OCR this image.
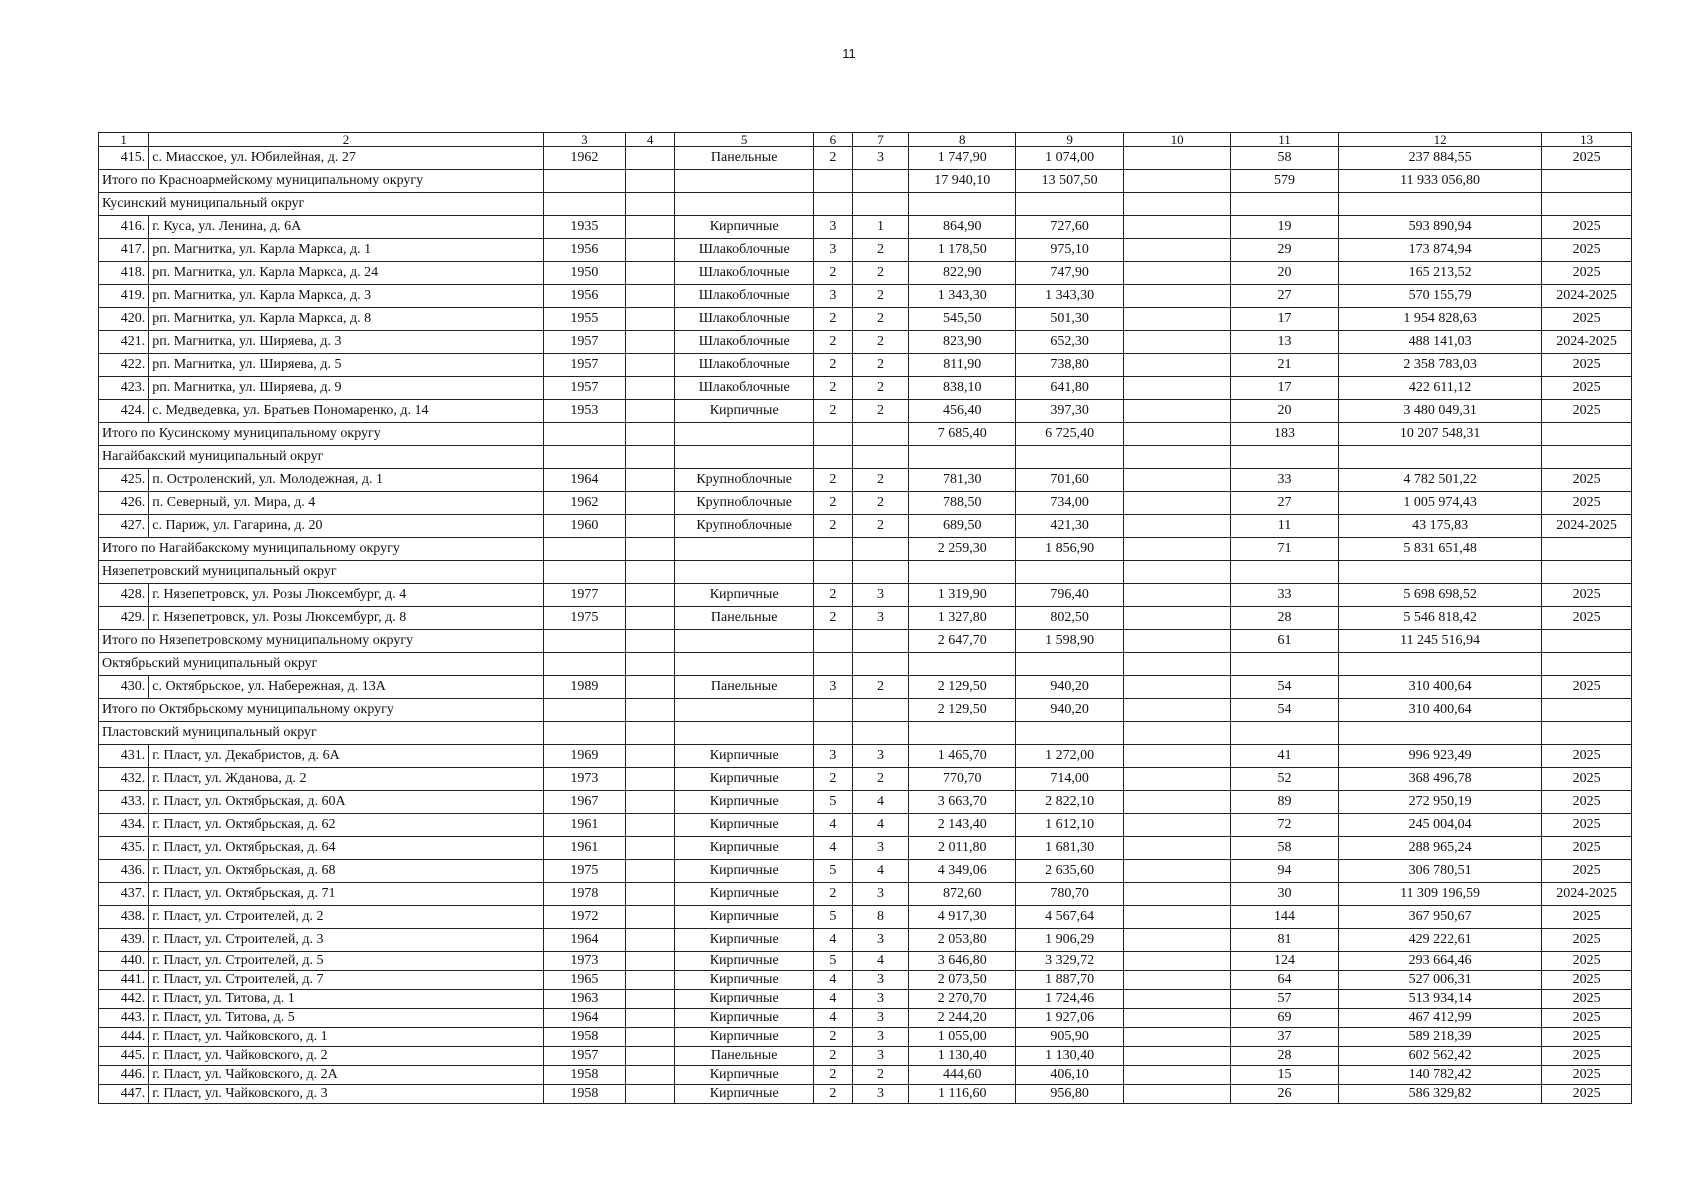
11
1	2	3	4	5	6	7	8	9	10	11	12	13
415.	с. Миасское, ул. Юбилейная, д. 27	1962		Панельные	2	3	1 747,90	1 074,00		58	237 884,55	2025
Итого по Красноармейскому муниципальному округу							17 940,10	13 507,50		579	11 933 056,80	
Кусинский муниципальный округ												
416.	г. Куса, ул. Ленина, д. 6А	1935		Кирпичные	3	1	864,90	727,60		19	593 890,94	2025
417.	рп. Магнитка, ул. Карла Маркса, д. 1	1956		Шлакоблочные	3	2	1 178,50	975,10		29	173 874,94	2025
418.	рп. Магнитка, ул. Карла Маркса, д. 24	1950		Шлакоблочные	2	2	822,90	747,90		20	165 213,52	2025
419.	рп. Магнитка, ул. Карла Маркса, д. 3	1956		Шлакоблочные	3	2	1 343,30	1 343,30		27	570 155,79	2024-2025
420.	рп. Магнитка, ул. Карла Маркса, д. 8	1955		Шлакоблочные	2	2	545,50	501,30		17	1 954 828,63	2025
421.	рп. Магнитка, ул. Ширяева, д. 3	1957		Шлакоблочные	2	2	823,90	652,30		13	488 141,03	2024-2025
422.	рп. Магнитка, ул. Ширяева, д. 5	1957		Шлакоблочные	2	2	811,90	738,80		21	2 358 783,03	2025
423.	рп. Магнитка, ул. Ширяева, д. 9	1957		Шлакоблочные	2	2	838,10	641,80		17	422 611,12	2025
424.	с. Медведевка, ул. Братьев Пономаренко, д. 14	1953		Кирпичные	2	2	456,40	397,30		20	3 480 049,31	2025
Итого по Кусинскому муниципальному округу							7 685,40	6 725,40		183	10 207 548,31	
Нагайбакский муниципальный округ												
425.	п. Остроленский, ул. Молодежная, д. 1	1964		Крупноблочные	2	2	781,30	701,60		33	4 782 501,22	2025
426.	п. Северный, ул. Мира, д. 4	1962		Крупноблочные	2	2	788,50	734,00		27	1 005 974,43	2025
427.	с. Париж, ул. Гагарина, д. 20	1960		Крупноблочные	2	2	689,50	421,30		11	43 175,83	2024-2025
Итого по Нагайбакскому муниципальному округу							2 259,30	1 856,90		71	5 831 651,48	
Нязепетровский муниципальный округ												
428.	г. Нязепетровск, ул. Розы Люксембург, д. 4	1977		Кирпичные	2	3	1 319,90	796,40		33	5 698 698,52	2025
429.	г. Нязепетровск, ул. Розы Люксембург, д. 8	1975		Панельные	2	3	1 327,80	802,50		28	5 546 818,42	2025
Итого по Нязепетровскому муниципальному округу							2 647,70	1 598,90		61	11 245 516,94	
Октябрьский муниципальный округ												
430.	с. Октябрьское, ул. Набережная, д. 13А	1989		Панельные	3	2	2 129,50	940,20		54	310 400,64	2025
Итого по Октябрьскому муниципальному округу							2 129,50	940,20		54	310 400,64	
Пластовский муниципальный округ												
431.	г. Пласт, ул. Декабристов, д. 6А	1969		Кирпичные	3	3	1 465,70	1 272,00		41	996 923,49	2025
432.	г. Пласт, ул. Жданова, д. 2	1973		Кирпичные	2	2	770,70	714,00		52	368 496,78	2025
433.	г. Пласт, ул. Октябрьская, д. 60А	1967		Кирпичные	5	4	3 663,70	2 822,10		89	272 950,19	2025
434.	г. Пласт, ул. Октябрьская, д. 62	1961		Кирпичные	4	4	2 143,40	1 612,10		72	245 004,04	2025
435.	г. Пласт, ул. Октябрьская, д. 64	1961		Кирпичные	4	3	2 011,80	1 681,30		58	288 965,24	2025
436.	г. Пласт, ул. Октябрьская, д. 68	1975		Кирпичные	5	4	4 349,06	2 635,60		94	306 780,51	2025
437.	г. Пласт, ул. Октябрьская, д. 71	1978		Кирпичные	2	3	872,60	780,70		30	11 309 196,59	2024-2025
438.	г. Пласт, ул. Строителей, д. 2	1972		Кирпичные	5	8	4 917,30	4 567,64		144	367 950,67	2025
439.	г. Пласт, ул. Строителей, д. 3	1964		Кирпичные	4	3	2 053,80	1 906,29		81	429 222,61	2025
440.	г. Пласт, ул. Строителей, д. 5	1973		Кирпичные	5	4	3 646,80	3 329,72		124	293 664,46	2025
441.	г. Пласт, ул. Строителей, д. 7	1965		Кирпичные	4	3	2 073,50	1 887,70		64	527 006,31	2025
442.	г. Пласт, ул. Титова, д. 1	1963		Кирпичные	4	3	2 270,70	1 724,46		57	513 934,14	2025
443.	г. Пласт, ул. Титова, д. 5	1964		Кирпичные	4	3	2 244,20	1 927,06		69	467 412,99	2025
444.	г. Пласт, ул. Чайковского, д. 1	1958		Кирпичные	2	3	1 055,00	905,90		37	589 218,39	2025
445.	г. Пласт, ул. Чайковского, д. 2	1957		Панельные	2	3	1 130,40	1 130,40		28	602 562,42	2025
446.	г. Пласт, ул. Чайковского, д. 2А	1958		Кирпичные	2	2	444,60	406,10		15	140 782,42	2025
447.	г. Пласт, ул. Чайковского, д. 3	1958		Кирпичные	2	3	1 116,60	956,80		26	586 329,82	2025
